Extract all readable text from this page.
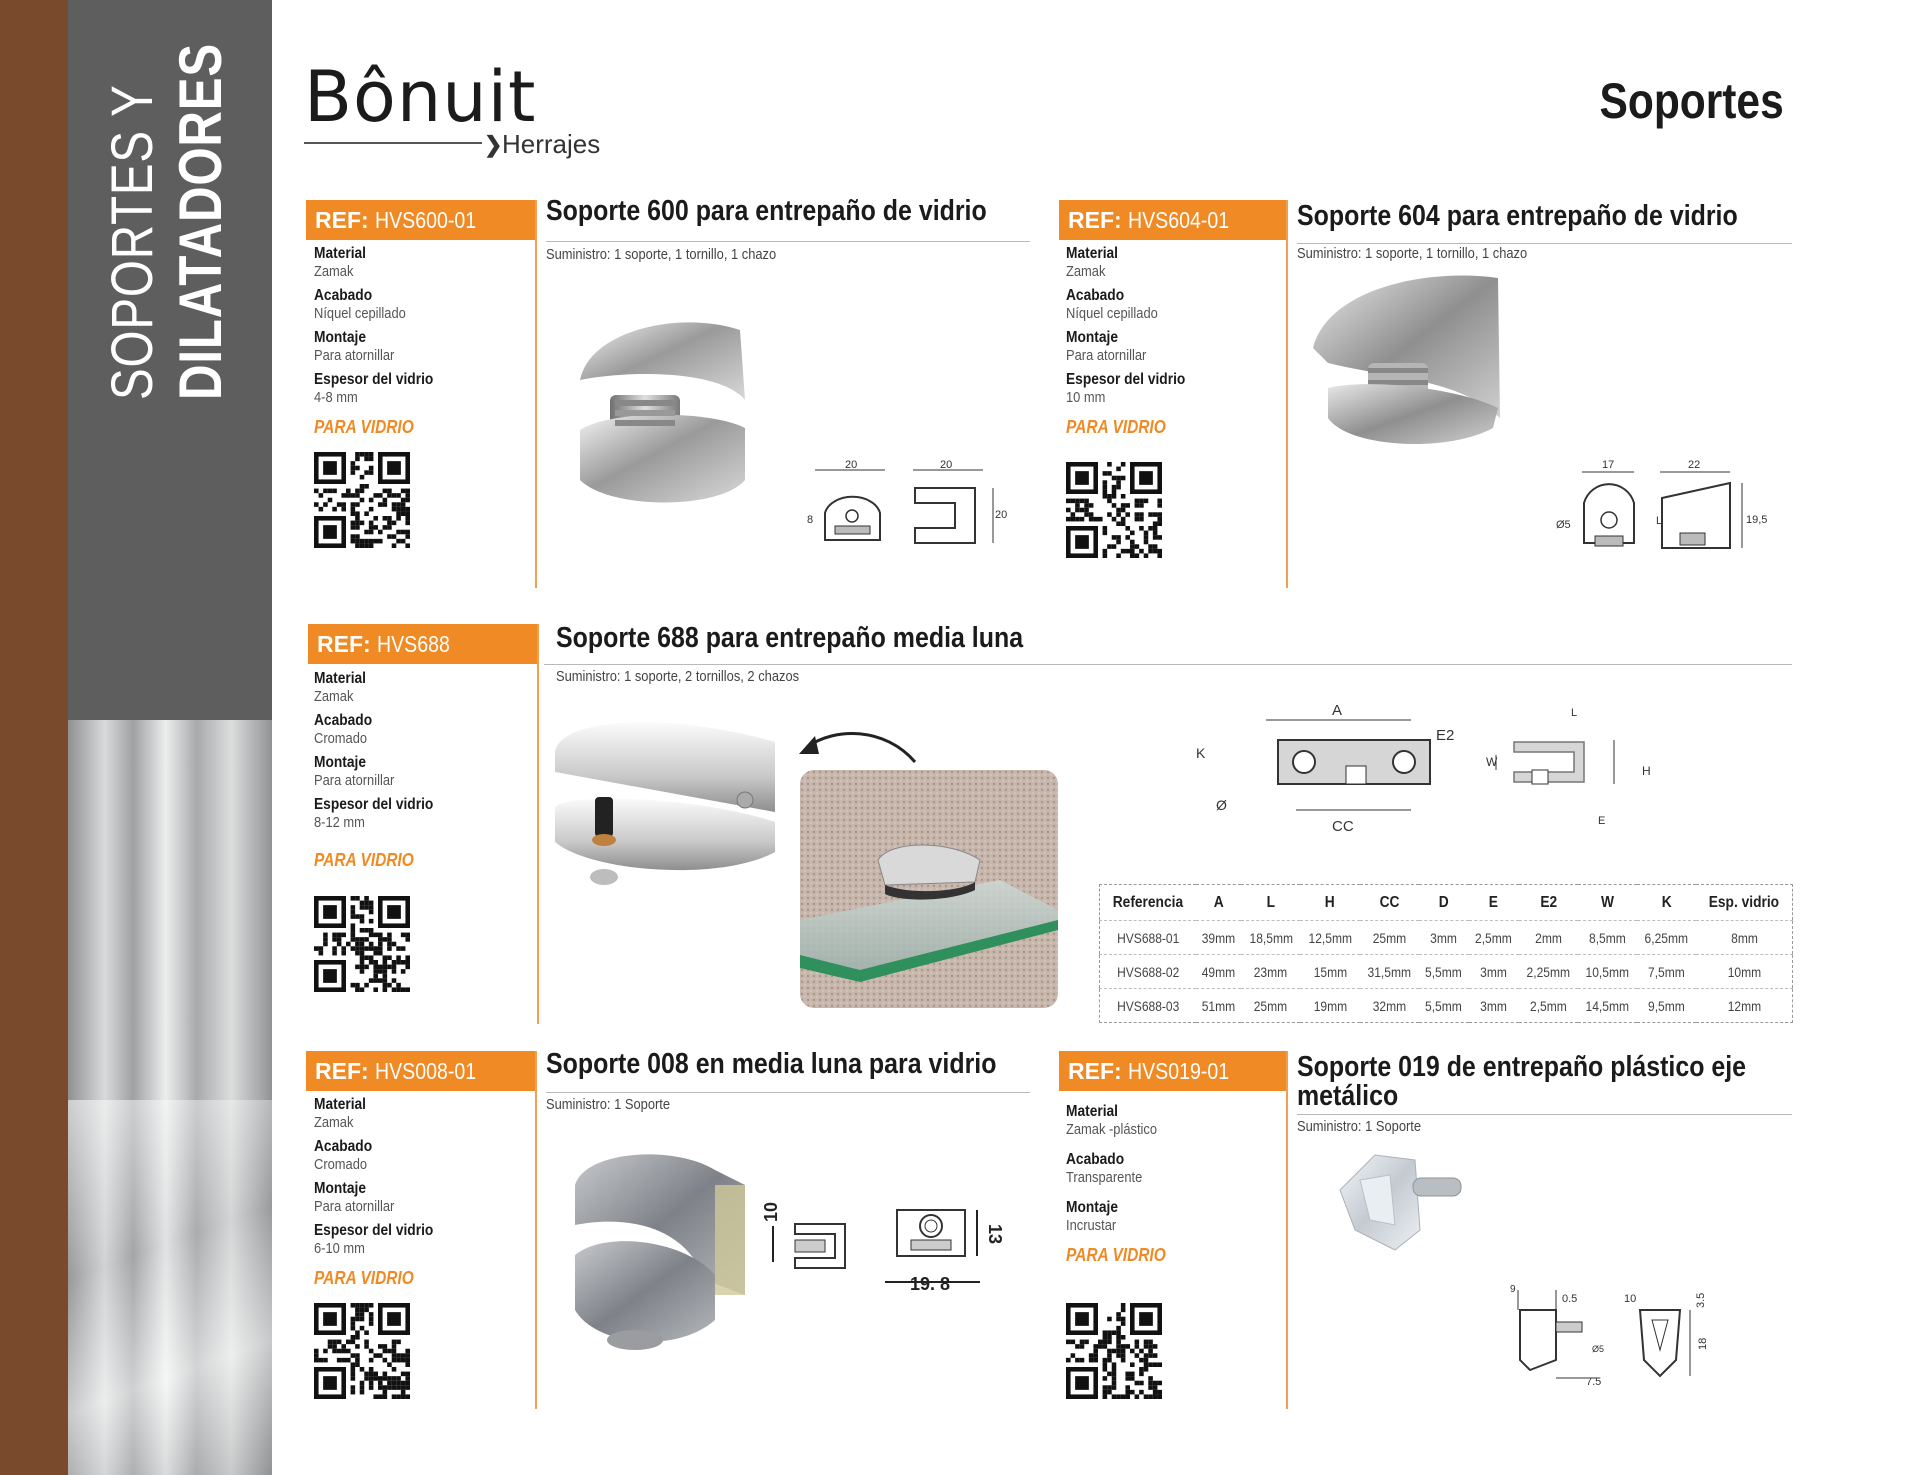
SOPORTES Y DILATADORES Bônuit
❯ Herrajes
Soportes
REF: HVS600-01	Soporte 600 para entrepaño de vidrio
Suministro: 1 soporte, 1 tornillo, 1 chazo
Material
Zamak
Acabado
Níquel cepillado
Montaje
Para atornillar
Espesor del vidrio
4-8 mm
PARA VIDRIO
20	20
8	20
REF: HVS604-01	Soporte 604 para entrepaño de vidrio
Suministro: 1 soporte, 1 tornillo, 1 chazo
Material
Zamak
Acabado
Níquel cepillado
Montaje
Para atornillar
Espesor del vidrio
10 mm
PARA VIDRIO
17	22
Ø5	L	19,5
REF: HVS688	Soporte 688 para entrepaño media luna
Suministro: 1 soporte, 2 tornillos, 2 chazos
Material
Zamak
Acabado
Cromado
Montaje
Para atornillar
Espesor del vidrio
8-12 mm
PARA VIDRIO
A
K
E2
W
Ø
CC
L
H
E
Referencia	A	L	H	CC	D	E	E2	W	K	Esp. vidrio
HVS688-01	39mm	18,5mm	12,5mm	25mm	3mm	2,5mm	2mm	8,5mm	6,25mm	8mm
HVS688-02	49mm	23mm	15mm	31,5mm	5,5mm	3mm	2,25mm	10,5mm	7,5mm	10mm
HVS688-03	51mm	25mm	19mm	32mm	5,5mm	3mm	2,5mm	14,5mm	9,5mm	12mm
REF: HVS008-01	Soporte 008 en media luna para vidrio
Suministro: 1 Soporte
Material
Zamak
Acabado
Cromado
Montaje
Para atornillar
Espesor del vidrio
6-10 mm
PARA VIDRIO
10
13
19. 8
REF: HVS019-01	Soporte 019 de entrepaño plástico eje
metálico
Suministro: 1 Soporte
Material
Zamak -plástico
Acabado
Transparente
Montaje
Incrustar
PARA VIDRIO
9
0.5
Ø5
7.5
10	3.5
18
